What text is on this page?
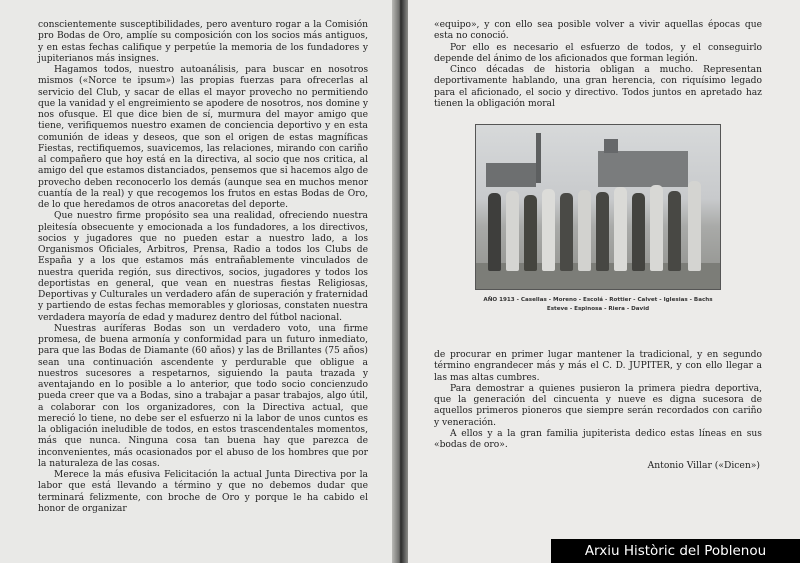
conscientemente susceptibilidades, pero aventuro rogar a la Comisión pro Bodas de Oro, amplíe su composición con los socios más antiguos, y en estas fechas califique y perpetúe la memoria de los fundadores y jupiterianos más insignes.

Hagamos todos, nuestro autoanálisis, para buscar en nosotros mismos («Norce te ipsum») las propias fuerzas para ofrecerlas al servicio del Club, y sacar de ellas el mayor provecho no permitiendo que la vanidad y el engreimiento se apodere de nosotros, nos domine y nos ofusque. El que dice bien de sí, murmura del mayor amigo que tiene, verifiquemos nuestro examen de conciencia deportivo y en esta comunión de ideas y deseos, que son el origen de estas magníficas Fiestas, rectifiquemos, suavicemos, las relaciones, mirando con cariño al compañero que hoy está en la directiva, al socio que nos critica, al amigo del que estamos distanciados, pensemos que si hacemos algo de provecho deben reconocerlo los demás (aunque sea en muchos menor cuantía de la real) y que recogemos los frutos en estas Bodas de Oro, de lo que heredamos de otros anacoretas del deporte.

Que nuestro firme propósito sea una realidad, ofreciendo nuestra pleitesía obsecuente y emocionada a los fundadores, a los directivos, socios y jugadores que no pueden estar a nuestro lado, a los Organismos Oficiales, Arbitros, Prensa, Radio a todos los Clubs de España y a los que estamos más entrañablemente vinculados de nuestra querida región, sus directivos, socios, jugadores y todos los deportistas en general, que vean en nuestras fiestas Religiosas, Deportivas y Culturales un verdadero afán de superación y fraternidad y partiendo de estas fechas memorables y gloriosas, constaten nuestra verdadera mayoría de edad y madurez dentro del fútbol nacional.

Nuestras auríferas Bodas son un verdadero voto, una firme promesa, de buena armonía y conformidad para un futuro inmediato, para que las Bodas de Diamante (60 años) y las de Brillantes (75 años) sean una continuación ascendente y perdurable que obligue a nuestros sucesores a respetarnos, siguiendo la pauta trazada y aventajando en lo posible a lo anterior, que todo socio concienzudo pueda creer que va a Bodas, sino a trabajar a pasar trabajos, algo útil, a colaborar con los organizadores, con la Directiva actual, que mereció lo tiene, no debe ser el esfuerzo ni la labor de unos cuntos es la obligación ineludible de todos, en estos trascendentales momentos, más que nunca. Ninguna cosa tan buena hay que parezca de inconvenientes, más ocasionados por el abuso de los hombres que por la naturaleza de las cosas.

Merece la más efusiva Felicitación la actual Junta Directiva por la labor que está llevando a término y que no debemos dudar que terminará felizmente, con broche de Oro y porque le ha cabido el honor de organizar

«equipo», y con ello sea posible volver a vivir aquellas épocas que esta no conoció.

Por ello es necesario el esfuerzo de todos, y el conseguirlo depende del ánimo de los aficionados que forman legión.

Cinco décadas de historia obligan a mucho. Representan deportivamente hablando, una gran herencia, con riquísimo legado para el aficionado, el socio y directivo. Todos juntos en apretado haz tienen la obligación moral

AÑO 1913 - Casellas - Moreno - Escolá - Rottier - Calvet - Iglesias - Bachs
Esteve - Espinosa - Riera - David

de procurar en primer lugar mantener la tradicional, y en segundo término engrandecer más y más el C. D. JUPITER, y con ello llegar a las mas altas cumbres.

Para demostrar a quienes pusieron la primera piedra deportiva, que la generación del cincuenta y nueve es digna sucesora de aquellos primeros pioneros que siempre serán recordados con cariño y veneración.

A ellos y a la gran familia jupiterista dedico estas líneas en sus «bodas de oro».

Antonio Villar («Dicen»)
Arxiu Històric del Poblenou
